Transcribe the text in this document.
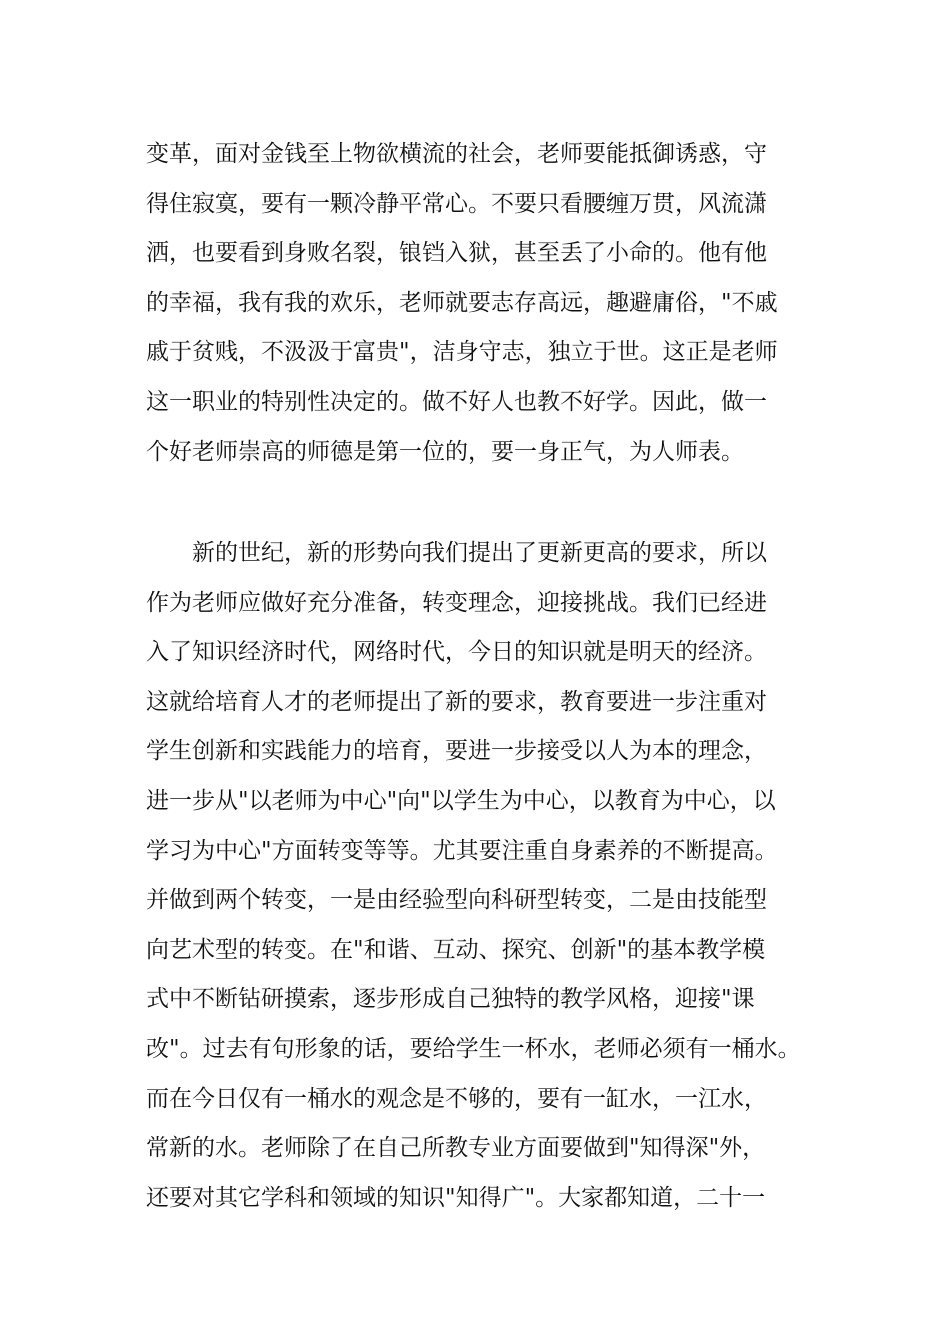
变革，面对金钱至上物欲横流的社会，老师要能抵御诱惑，守
得住寂寞，要有一颗冷静平常心。不要只看腰缠万贯，风流潇
洒，也要看到身败名裂，锒铛入狱，甚至丢了小命的。他有他
的幸福，我有我的欢乐，老师就要志存高远，趣避庸俗，"不戚
戚于贫贱，不汲汲于富贵"，洁身守志，独立于世。这正是老师
这一职业的特别性决定的。做不好人也教不好学。因此，做一
个好老师崇高的师德是第一位的，要一身正气，为人师表。
新的世纪，新的形势向我们提出了更新更高的要求，所以
作为老师应做好充分准备，转变理念，迎接挑战。我们已经进
入了知识经济时代，网络时代，今日的知识就是明天的经济。
这就给培育人才的老师提出了新的要求，教育要进一步注重对
学生创新和实践能力的培育，要进一步接受以人为本的理念，
进一步从"以老师为中心"向"以学生为中心，以教育为中心，以
学习为中心"方面转变等等。尤其要注重自身素养的不断提高。
并做到两个转变，一是由经验型向科研型转变，二是由技能型
向艺术型的转变。在"和谐、互动、探究、创新"的基本教学模
式中不断钻研摸索，逐步形成自己独特的教学风格，迎接"课
改"。过去有句形象的话，要给学生一杯水，老师必须有一桶水。
而在今日仅有一桶水的观念是不够的，要有一缸水，一江水，
常新的水。老师除了在自己所教专业方面要做到"知得深"外，
还要对其它学科和领域的知识"知得广"。大家都知道，二十一
